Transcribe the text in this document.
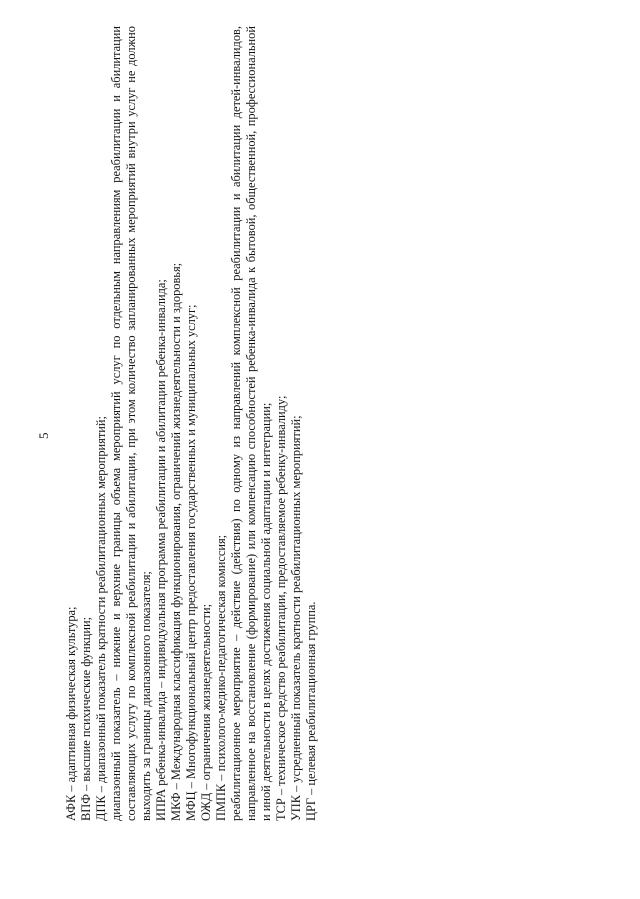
5
АФК – адаптивная физическая культура; ВПФ – высшие психические функции; ДПК – диапазонный показатель кратности реабилитационных мероприятий; диапазонный показатель – нижние и верхние границы объема мероприятий услуг по отдельным направлениям реабилитации и абилитации составляющих услугу по комплексной реабилитации и абилитации, при этом количество запланированных мероприятий внутри услуг не должно выходить за границы диапазонного показателя; ИПРА ребенка-инвалида – индивидуальная программа реабилитации и абилитации ребенка-инвалида; МКФ – Международная классификация функционирования, ограничений жизнедеятельности и здоровья; МФЦ – Многофункциональный центр предоставления государственных и муниципальных услуг; ОЖД – ограничения жизнедеятельности; ПМПК – психолого-медико-педагогическая комиссия; реабилитационное мероприятие – действие (действия) по одному из направлений комплексной реабилитации и абилитации детей-инвалидов, направленное на восстановление (формирование) или компенсацию способностей ребенка-инвалида к бытовой, общественной, профессиональной и иной деятельности в целях достижения социальной адаптации и интеграции; ТСР – техническое средство реабилитации, предоставляемое ребенку-инвалиду; УПК – усредненный показатель кратности реабилитационных мероприятий; ЦРГ – целевая реабилитационная группа.
